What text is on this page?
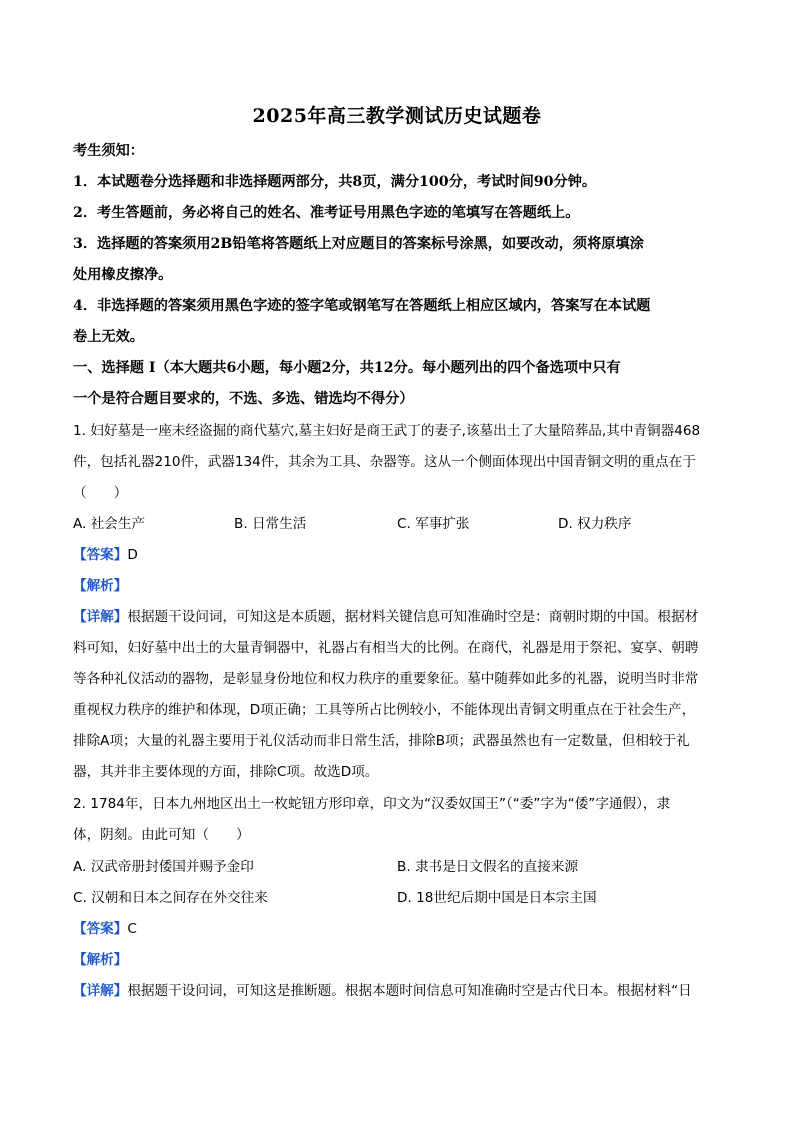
2025年高三教学测试历史试题卷
考生须知：
1．本试题卷分选择题和非选择题两部分，共8页，满分100分，考试时间90分钟。
2．考生答题前，务必将自己的姓名、准考证号用黑色字迹的笔填写在答题纸上。
3．选择题的答案须用2B铅笔将答题纸上对应题目的答案标号涂黑，如要改动，须将原填涂
处用橡皮擦净。
4．非选择题的答案须用黑色字迹的签字笔或钢笔写在答题纸上相应区域内，答案写在本试题
卷上无效。
一、选择题 Ⅰ（本大题共6小题，每小题2分，共12分。每小题列出的四个备选项中只有
一个是符合题目要求的，不选、多选、错选均不得分）
1. 妇好墓是一座未经盗掘的商代墓穴,墓主妇好是商王武丁的妻子,该墓出土了大量陪葬品,其中青铜器468
件，包括礼器210件，武器134件，其余为工具、杂器等。这从一个侧面体现出中国青铜文明的重点在于
（　　）
A. 社会生产	B. 日常生活	C. 军事扩张	D. 权力秩序
【答案】D
【解析】
【详解】根据题干设问词，可知这是本质题，据材料关键信息可知准确时空是：商朝时期的中国。根据材
料可知，妇好墓中出土的大量青铜器中，礼器占有相当大的比例。在商代，礼器是用于祭祀、宴享、朝聘
等各种礼仪活动的器物，是彰显身份地位和权力秩序的重要象征。墓中随葬如此多的礼器，说明当时非常
重视权力秩序的维护和体现，D项正确；工具等所占比例较小，不能体现出青铜文明重点在于社会生产，
排除A项；大量的礼器主要用于礼仪活动而非日常生活，排除B项；武器虽然也有一定数量，但相较于礼
器，其并非主要体现的方面，排除C项。故选D项。
2. 1784年，日本九州地区出土一枚蛇钮方形印章，印文为“汉委奴国王”（“委”字为“倭”字通假），隶
体，阴刻。由此可知（　　）
A. 汉武帝册封倭国并赐予金印	B. 隶书是日文假名的直接来源
C. 汉朝和日本之间存在外交往来	D. 18世纪后期中国是日本宗主国
【答案】C
【解析】
【详解】根据题干设问词，可知这是推断题。根据本题时间信息可知准确时空是古代日本。根据材料“日
